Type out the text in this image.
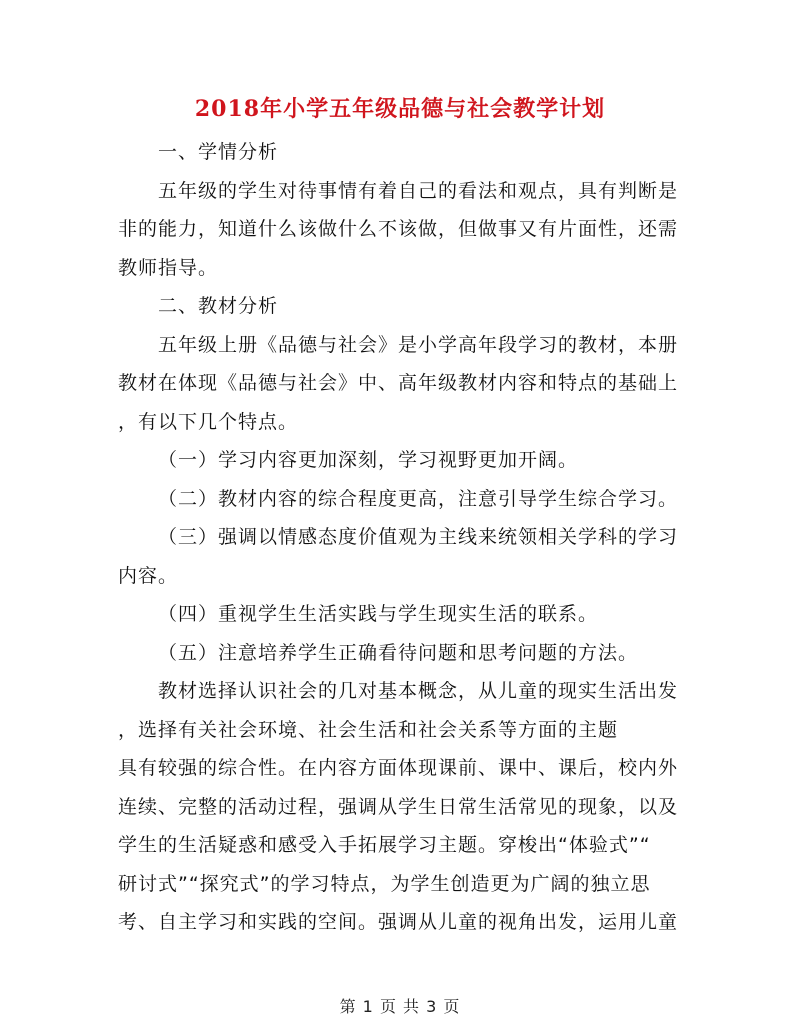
2018年小学五年级品德与社会教学计划
一、学情分析
五年级的学生对待事情有着自己的看法和观点，具有判断是
非的能力，知道什么该做什么不该做，但做事又有片面性，还需
教师指导。
二、教材分析
五年级上册《品德与社会》是小学高年段学习的教材，本册
教材在体现《品德与社会》中、高年级教材内容和特点的基础上
，有以下几个特点。
（一）学习内容更加深刻，学习视野更加开阔。
（二）教材内容的综合程度更高，注意引导学生综合学习。
（三）强调以情感态度价值观为主线来统领相关学科的学习
内容。
（四）重视学生生活实践与学生现实生活的联系。
（五）注意培养学生正确看待问题和思考问题的方法。
教材选择认识社会的几对基本概念，从儿童的现实生活出发
，选择有关社会环境、社会生活和社会关系等方面的主题
具有较强的综合性。在内容方面体现课前、课中、课后，校内外
连续、完整的活动过程，强调从学生日常生活常见的现象，以及
学生的生活疑惑和感受入手拓展学习主题。穿梭出“体验式”“
研讨式”“探究式”的学习特点，为学生创造更为广阔的独立思
考、自主学习和实践的空间。强调从儿童的视角出发，运用儿童
第 1 页 共 3 页
